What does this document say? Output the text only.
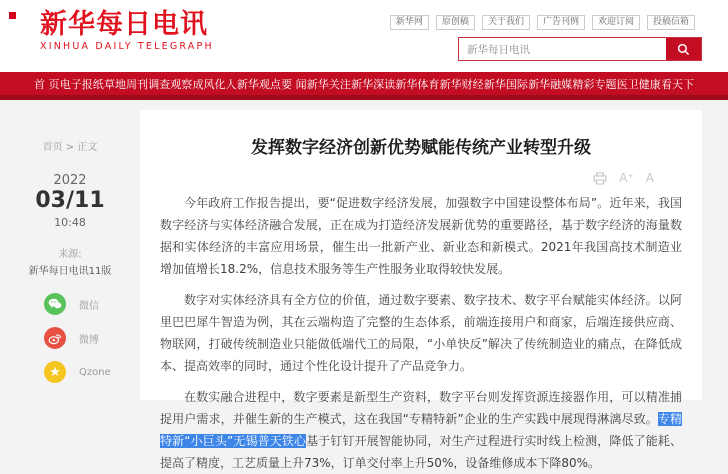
新华每日电讯
XINHUA DAILY TELEGRAPH
新华网	原创稿	关于我们	广告刊例	欢迎订阅	投稿信箱
新华每日电讯
首 页 电子报纸 草地周刊 调查观察 成风化人 新华观点 要 闻 新华关注 新华深读 新华体育 新华财经 新华国际 新华融媒 精彩专题 医卫健康 看天下
首页 > 正文
2022
03/11
10:48
来源:
新华每日电讯11版
微信
微博
★	Qzone
发挥数字经济创新优势赋能传统产业转型升级
A⁺ A

今年政府工作报告提出，要“促进数字经济发展，加强数字中国建设整体布局”。近年来，我国数字经济与实体经济融合发展，正在成为打造经济发展新优势的重要路径，基于数字经济的海量数据和实体经济的丰富应用场景，催生出一批新产业、新业态和新模式。2021年我国高技术制造业增加值增长18.2%，信息技术服务等生产性服务业取得较快发展。

数字对实体经济具有全方位的价值，通过数字要素、数字技术、数字平台赋能实体经济。以阿里巴巴犀牛智造为例，其在云端构造了完整的生态体系，前端连接用户和商家，后端连接供应商、物联网，打破传统制造业只能做低端代工的局限，“小单快反”解决了传统制造业的痛点，在降低成本、提高效率的同时，通过个性化设计提升了产品竞争力。

在数实融合进程中，数字要素是新型生产资料，数字平台则发挥资源连接器作用，可以精准捕捉用户需求，并催生新的生产模式，这在我国“专精特新”企业的生产实践中展现得淋漓尽致。专精特新“小巨头”无锡普天铁心基于钉钉开展智能协同，对生产过程进行实时线上检测，降低了能耗、提高了精度，工艺质量上升73%，订单交付率上升50%，设备维修成本下降80%。
